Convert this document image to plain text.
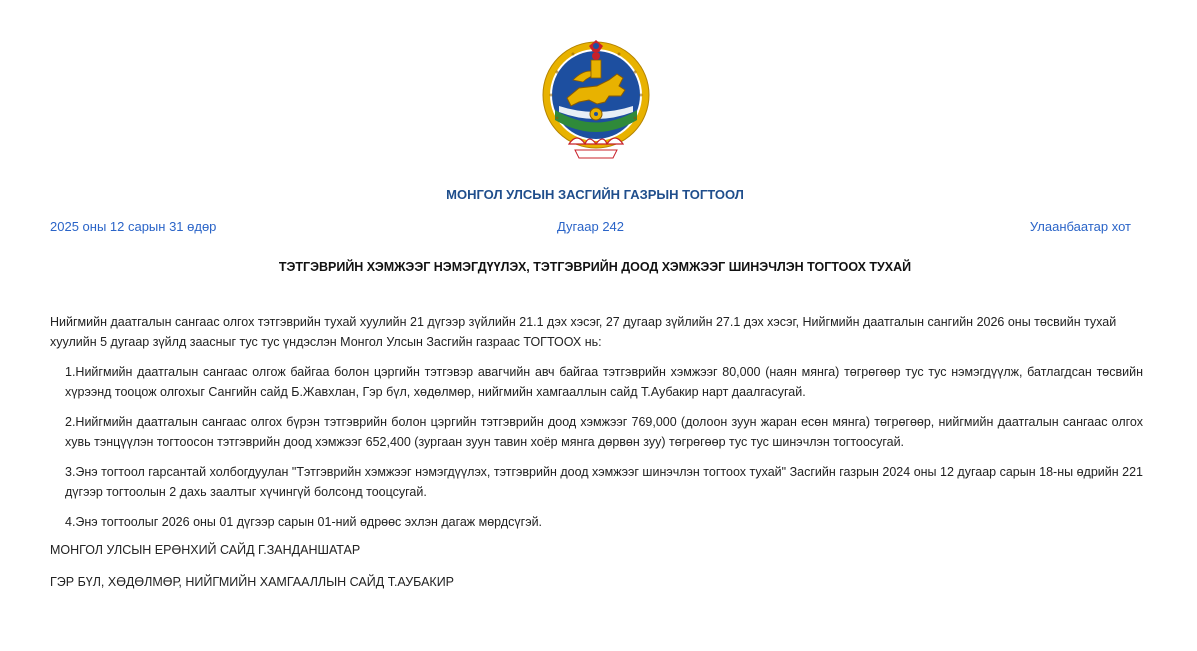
МОНГОЛ УЛСЫН ЗАСГИЙН ГАЗРЫН ТОГТООЛ
Дугаар 242
2025 оны 12 сарын 31 өдөр	Улаанбаатар хот
ТЭТГЭВРИЙН ХЭМЖЭЭГ НЭМЭГДҮҮЛЭХ, ТЭТГЭВРИЙН ДООД ХЭМЖЭЭГ ШИНЭЧЛЭН ТОГТООХ ТУХАЙ
Нийгмийн даатгалын сангаас олгох тэтгэврийн тухай хуулийн 21 дүгээр зүйлийн 21.1 дэх хэсэг, 27 дугаар зүйлийн 27.1 дэх хэсэг, Нийгмийн даатгалын сангийн 2026 оны төсвийн тухай хуулийн 5 дугаар зүйлд заасныг тус тус үндэслэн Монгол Улсын Засгийн газраас ТОГТООХ нь:

1.Нийгмийн даатгалын сангаас олгож байгаа болон цэргийн тэтгэвэр авагчийн авч байгаа тэтгэврийн хэмжээг 80,000 (наян мянга) төгрөгөөр тус тус нэмэгдүүлж, батлагдсан төсвийн хүрээнд тооцож олгохыг Сангийн сайд Б.Жавхлан, Гэр бүл, хөдөлмөр, нийгмийн хамгааллын сайд Т.Аубакир нарт даалгасугай.

2.Нийгмийн даатгалын сангаас олгох бүрэн тэтгэврийн болон цэргийн тэтгэврийн доод хэмжээг 769,000 (долоон зуун жаран есөн мянга) төгрөгөөр, нийгмийн даатгалын сангаас олгох хувь тэнцүүлэн тогтоосон тэтгэврийн доод хэмжээг 652,400 (зургаан зуун тавин хоёр мянга дөрвөн зуу) төгрөгөөр тус тус шинэчлэн тогтоосугай.

3.Энэ тогтоол гарсантай холбогдуулан "Тэтгэврийн хэмжээг нэмэгдүүлэх, тэтгэврийн доод хэмжээг шинэчлэн тогтоох тухай" Засгийн газрын 2024 оны 12 дугаар сарын 18-ны өдрийн 221 дүгээр тогтоолын 2 дахь заалтыг хүчингүй болсонд тооцсугай.

4.Энэ тогтоолыг 2026 оны 01 дүгээр сарын 01-ний өдрөөс эхлэн дагаж мөрдсүгэй.

МОНГОЛ УЛСЫН ЕРӨНХИЙ САЙД Г.ЗАНДАНШАТАР
ГЭР БҮЛ, ХӨДӨЛМӨР, НИЙГМИЙН ХАМГААЛЛЫН САЙД Т.АУБАКИР
